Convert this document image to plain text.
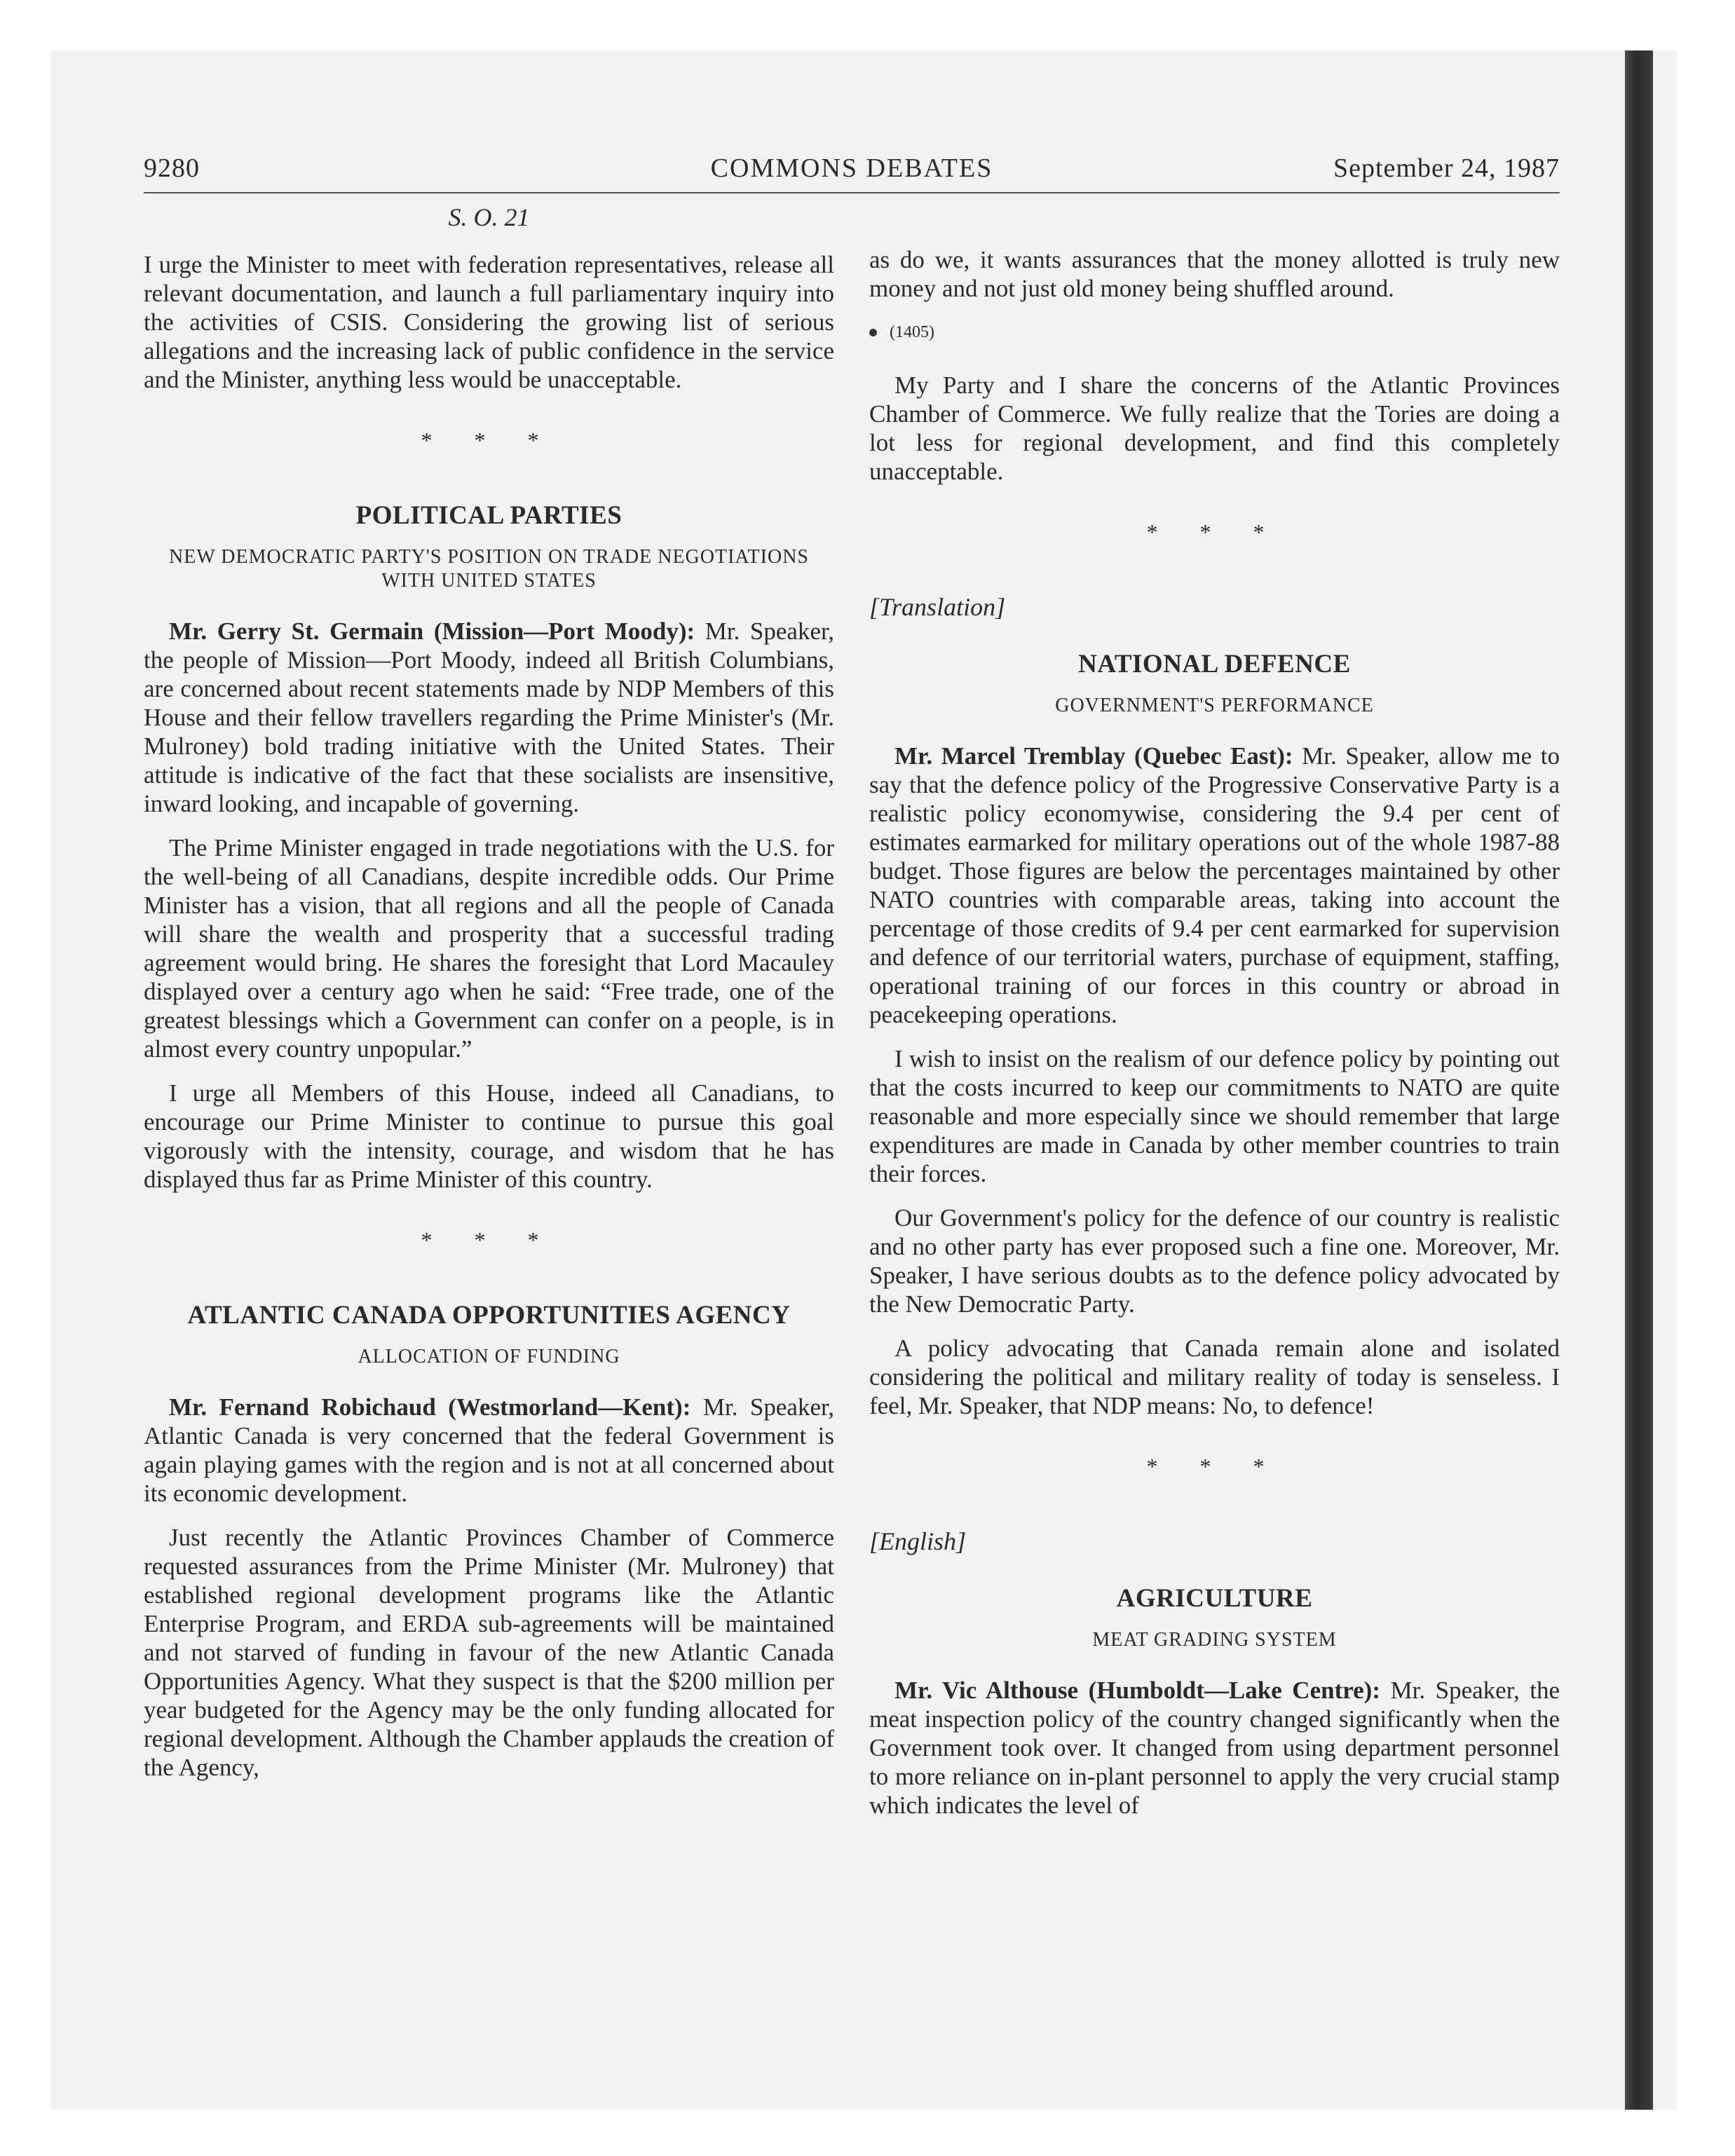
9280	COMMONS DEBATES	September 24, 1987
S. O. 21

I urge the Minister to meet with federation representatives, release all relevant documentation, and launch a full parliamentary inquiry into the activities of CSIS. Considering the growing list of serious allegations and the increasing lack of public confidence in the service and the Minister, anything less would be unacceptable.

* * *
POLITICAL PARTIES
NEW DEMOCRATIC PARTY'S POSITION ON TRADE NEGOTIATIONS WITH UNITED STATES

Mr. Gerry St. Germain (Mission—Port Moody): Mr. Speaker, the people of Mission—Port Moody, indeed all British Columbians, are concerned about recent statements made by NDP Members of this House and their fellow travellers regarding the Prime Minister's (Mr. Mulroney) bold trading initiative with the United States. Their attitude is indicative of the fact that these socialists are insensitive, inward looking, and incapable of governing.

The Prime Minister engaged in trade negotiations with the U.S. for the well-being of all Canadians, despite incredible odds. Our Prime Minister has a vision, that all regions and all the people of Canada will share the wealth and prosperity that a successful trading agreement would bring. He shares the foresight that Lord Macauley displayed over a century ago when he said: “Free trade, one of the greatest blessings which a Government can confer on a people, is in almost every country unpopular.”

I urge all Members of this House, indeed all Canadians, to encourage our Prime Minister to continue to pursue this goal vigorously with the intensity, courage, and wisdom that he has displayed thus far as Prime Minister of this country.

* * *
ATLANTIC CANADA OPPORTUNITIES AGENCY
ALLOCATION OF FUNDING

Mr. Fernand Robichaud (Westmorland—Kent): Mr. Speaker, Atlantic Canada is very concerned that the federal Government is again playing games with the region and is not at all concerned about its economic development.

Just recently the Atlantic Provinces Chamber of Commerce requested assurances from the Prime Minister (Mr. Mulroney) that established regional development programs like the Atlantic Enterprise Program, and ERDA sub-agreements will be maintained and not starved of funding in favour of the new Atlantic Canada Opportunities Agency. What they suspect is that the $200 million per year budgeted for the Agency may be the only funding allocated for regional development. Although the Chamber applauds the creation of the Agency,

as do we, it wants assurances that the money allotted is truly new money and not just old money being shuffled around.

(1405)

My Party and I share the concerns of the Atlantic Provinces Chamber of Commerce. We fully realize that the Tories are doing a lot less for regional development, and find this completely unacceptable.

* * *
[Translation]
NATIONAL DEFENCE
GOVERNMENT'S PERFORMANCE

Mr. Marcel Tremblay (Quebec East): Mr. Speaker, allow me to say that the defence policy of the Progressive Conservative Party is a realistic policy economywise, considering the 9.4 per cent of estimates earmarked for military operations out of the whole 1987-88 budget. Those figures are below the percentages maintained by other NATO countries with comparable areas, taking into account the percentage of those credits of 9.4 per cent earmarked for supervision and defence of our territorial waters, purchase of equipment, staffing, operational training of our forces in this country or abroad in peacekeeping operations.

I wish to insist on the realism of our defence policy by pointing out that the costs incurred to keep our commitments to NATO are quite reasonable and more especially since we should remember that large expenditures are made in Canada by other member countries to train their forces.

Our Government's policy for the defence of our country is realistic and no other party has ever proposed such a fine one. Moreover, Mr. Speaker, I have serious doubts as to the defence policy advocated by the New Democratic Party.

A policy advocating that Canada remain alone and isolated considering the political and military reality of today is senseless. I feel, Mr. Speaker, that NDP means: No, to defence!

* * *
[English]
AGRICULTURE
MEAT GRADING SYSTEM

Mr. Vic Althouse (Humboldt—Lake Centre): Mr. Speaker, the meat inspection policy of the country changed significantly when the Government took over. It changed from using department personnel to more reliance on in-plant personnel to apply the very crucial stamp which indicates the level of
